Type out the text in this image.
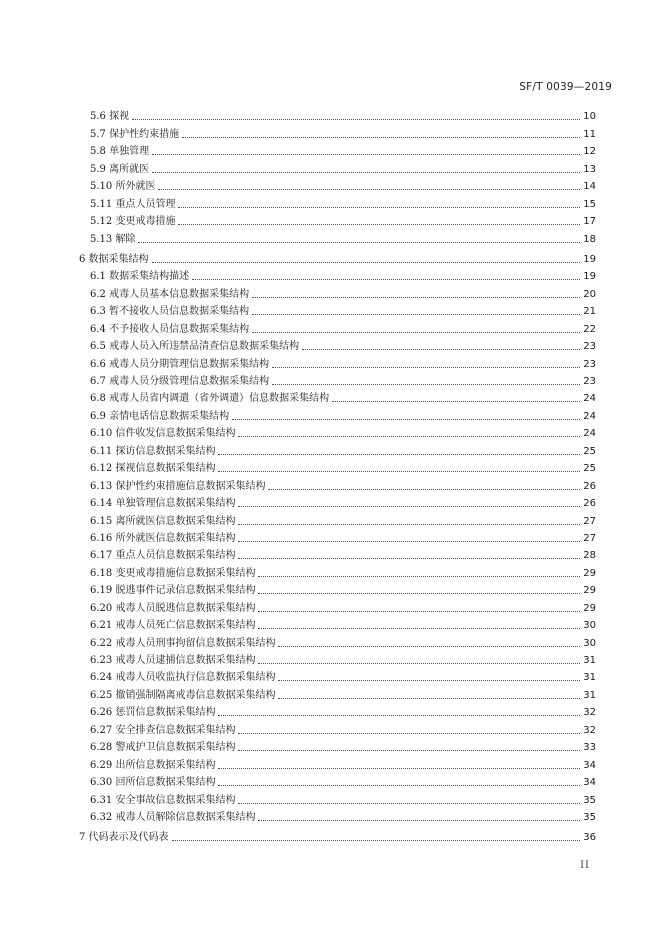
SF/T 0039—2019
5.6 探视	10
5.7 保护性约束措施	11
5.8 单独管理	12
5.9 离所就医	13
5.10 所外就医	14
5.11 重点人员管理	15
5.12 变更戒毒措施	17
5.13 解除	18
6 数据采集结构	19
6.1 数据采集结构描述	19
6.2 戒毒人员基本信息数据采集结构	20
6.3 暂不接收人员信息数据采集结构	21
6.4 不予接收人员信息数据采集结构	22
6.5 戒毒人员入所违禁品清查信息数据采集结构	23
6.6 戒毒人员分期管理信息数据采集结构	23
6.7 戒毒人员分级管理信息数据采集结构	23
6.8 戒毒人员省内调遣（省外调遣）信息数据采集结构	24
6.9 亲情电话信息数据采集结构	24
6.10 信件收发信息数据采集结构	24
6.11 探访信息数据采集结构	25
6.12 探视信息数据采集结构	25
6.13 保护性约束措施信息数据采集结构	26
6.14 单独管理信息数据采集结构	26
6.15 离所就医信息数据采集结构	27
6.16 所外就医信息数据采集结构	27
6.17 重点人员信息数据采集结构	28
6.18 变更戒毒措施信息数据采集结构	29
6.19 脱逃事件记录信息数据采集结构	29
6.20 戒毒人员脱逃信息数据采集结构	29
6.21 戒毒人员死亡信息数据采集结构	30
6.22 戒毒人员刑事拘留信息数据采集结构	30
6.23 戒毒人员逮捕信息数据采集结构	31
6.24 戒毒人员收监执行信息数据采集结构	31
6.25 撤销强制隔离戒毒信息数据采集结构	31
6.26 惩罚信息数据采集结构	32
6.27 安全排查信息数据采集结构	32
6.28 警戒护卫信息数据采集结构	33
6.29 出所信息数据采集结构	34
6.30 回所信息数据采集结构	34
6.31 安全事故信息数据采集结构	35
6.32 戒毒人员解除信息数据采集结构	35
7 代码表示及代码表	36
II
